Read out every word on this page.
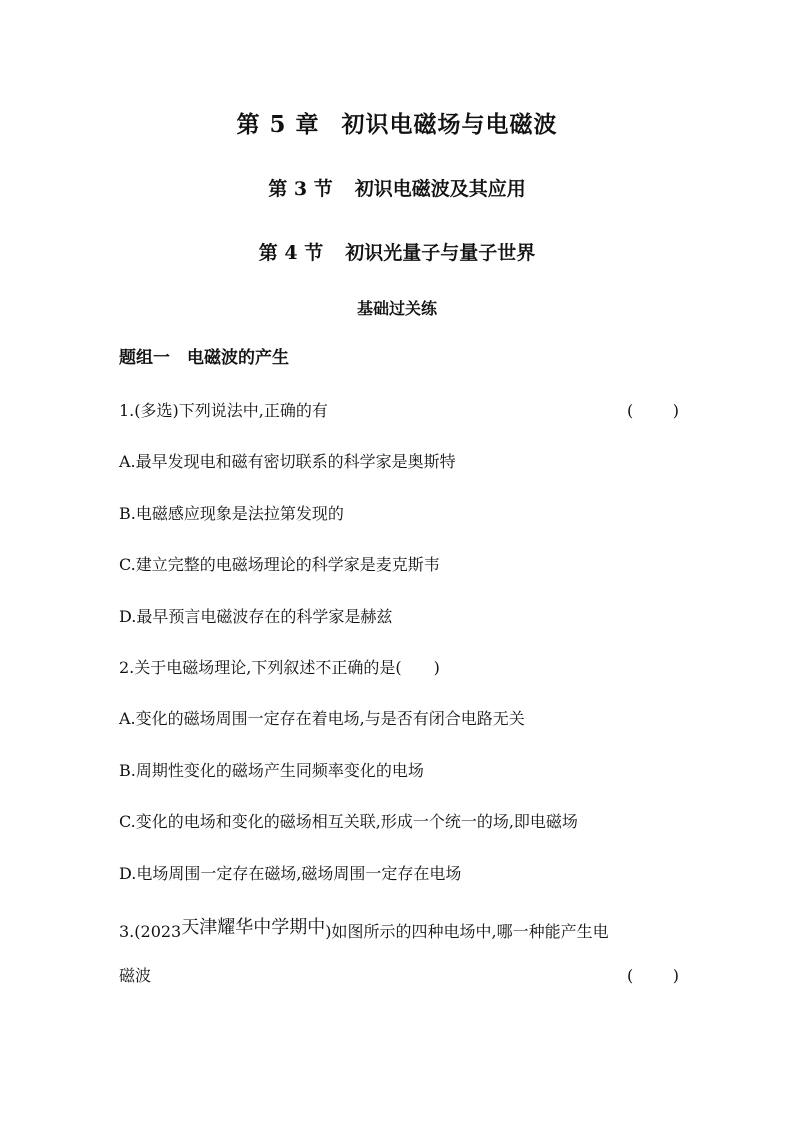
第 5 章 初识电磁场与电磁波
第 3 节 初识电磁波及其应用
第 4 节 初识光量子与量子世界
基础过关练
题组一　电磁波的产生
1.(多选)下列说法中,正确的有	( )
A.最早发现电和磁有密切联系的科学家是奥斯特
B.电磁感应现象是法拉第发现的
C.建立完整的电磁场理论的科学家是麦克斯韦
D.最早预言电磁波存在的科学家是赫兹
2.关于电磁场理论,下列叙述不正确的是(　　)
A.变化的磁场周围一定存在着电场,与是否有闭合电路无关
B.周期性变化的磁场产生同频率变化的电场
C.变化的电场和变化的磁场相互关联,形成一个统一的场,即电磁场
D.电场周围一定存在磁场,磁场周围一定存在电场
3.(2023天津耀华中学期中)如图所示的四种电场中,哪一种能产生电
磁波	( )
